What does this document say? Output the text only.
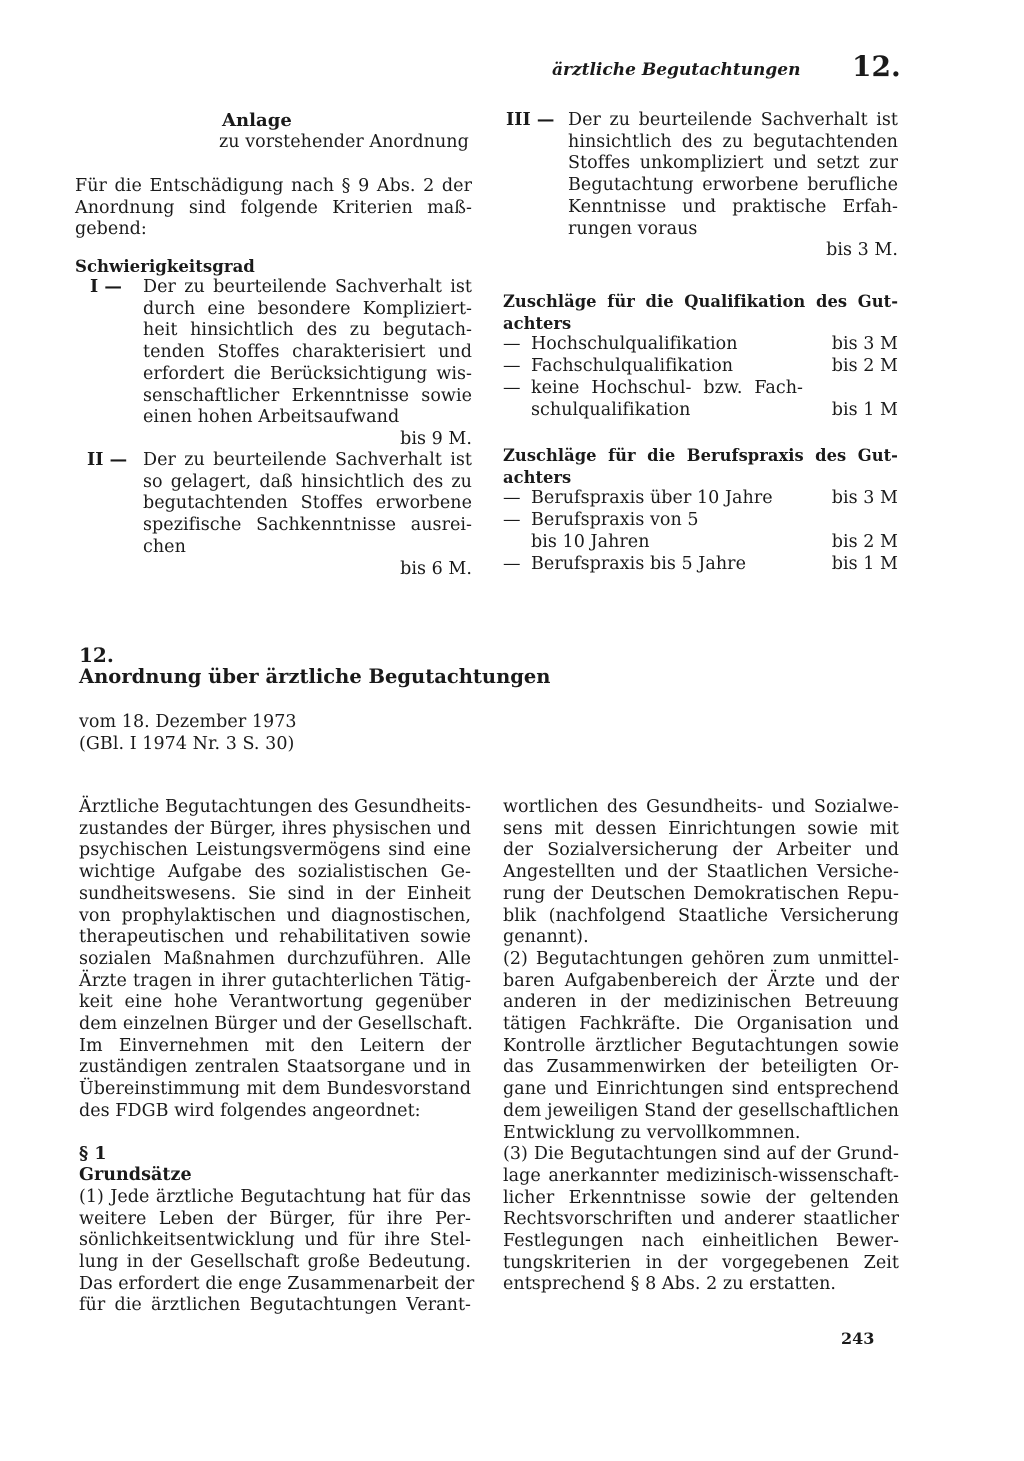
ärztliche Begutachtungen 12.
Anlage
zu vorstehender Anordnung
Für die Entschädigung nach § 9 Abs. 2 der
Anordnung sind folgende Kriterien maß-
gebend:
Schwierigkeitsgrad
I —	Der zu beurteilende Sachverhalt ist
durch eine besondere Kompliziert-
heit hinsichtlich des zu begutach-
tenden Stoffes charakterisiert und
erfordert die Berücksichtigung wis-
senschaftlicher Erkenntnisse sowie
einen hohen Arbeitsaufwand
bis 9 M.
II — Der zu beurteilende Sachverhalt ist
so gelagert, daß hinsichtlich des zu
begutachtenden Stoffes erworbene
spezifische Sachkenntnisse ausrei-
chen
bis 6 M.
III — Der zu beurteilende Sachverhalt ist
hinsichtlich des zu begutachtenden
Stoffes unkompliziert und setzt zur
Begutachtung erworbene berufliche
Kenntnisse und praktische Erfah-
rungen voraus
bis 3 M.
Zuschläge für die Qualifikation des Gut-
achters
— Hochschulqualifikation	bis 3 M
— Fachschulqualifikation	bis 2 M
— keine Hochschul- bzw. Fach-
schulqualifikation	bis 1 M
Zuschläge für die Berufspraxis des Gut-
achters
— Berufspraxis über 10 Jahre	bis 3 M
— Berufspraxis von 5
bis 10 Jahren	bis 2 M
— Berufspraxis bis 5 Jahre	bis 1 M
12.
Anordnung über ärztliche Begutachtungen
vom 18. Dezember 1973
(GBl. I 1974 Nr. 3 S. 30)
Ärztliche Begutachtungen des Gesundheits-
zustandes der Bürger, ihres physischen und
psychischen Leistungsvermögens sind eine
wichtige Aufgabe des sozialistischen Ge-
sundheitswesens. Sie sind in der Einheit
von prophylaktischen und diagnostischen,
therapeutischen und rehabilitativen sowie
sozialen Maßnahmen durchzuführen. Alle
Ärzte tragen in ihrer gutachterlichen Tätig-
keit eine hohe Verantwortung gegenüber
dem einzelnen Bürger und der Gesellschaft.
Im Einvernehmen mit den Leitern der
zuständigen zentralen Staatsorgane und in
Übereinstimmung mit dem Bundesvorstand
des FDGB wird folgendes angeordnet:
§ 1
Grundsätze
(1) Jede ärztliche Begutachtung hat für das
weitere Leben der Bürger, für ihre Per-
sönlichkeitsentwicklung und für ihre Stel-
lung in der Gesellschaft große Bedeutung.
Das erfordert die enge Zusammenarbeit der
für die ärztlichen Begutachtungen Verant-
wortlichen des Gesundheits- und Sozialwe-
sens mit dessen Einrichtungen sowie mit
der Sozialversicherung der Arbeiter und
Angestellten und der Staatlichen Versiche-
rung der Deutschen Demokratischen Repu-
blik (nachfolgend Staatliche Versicherung
genannt).
(2) Begutachtungen gehören zum unmittel-
baren Aufgabenbereich der Ärzte und der
anderen in der medizinischen Betreuung
tätigen Fachkräfte. Die Organisation und
Kontrolle ärztlicher Begutachtungen sowie
das Zusammenwirken der beteiligten Or-
gane und Einrichtungen sind entsprechend
dem jeweiligen Stand der gesellschaftlichen
Entwicklung zu vervollkommnen.
(3) Die Begutachtungen sind auf der Grund-
lage anerkannter medizinisch-wissenschaft-
licher Erkenntnisse sowie der geltenden
Rechtsvorschriften und anderer staatlicher
Festlegungen nach einheitlichen Bewer-
tungskriterien in der vorgegebenen Zeit
entsprechend § 8 Abs. 2 zu erstatten.
243
